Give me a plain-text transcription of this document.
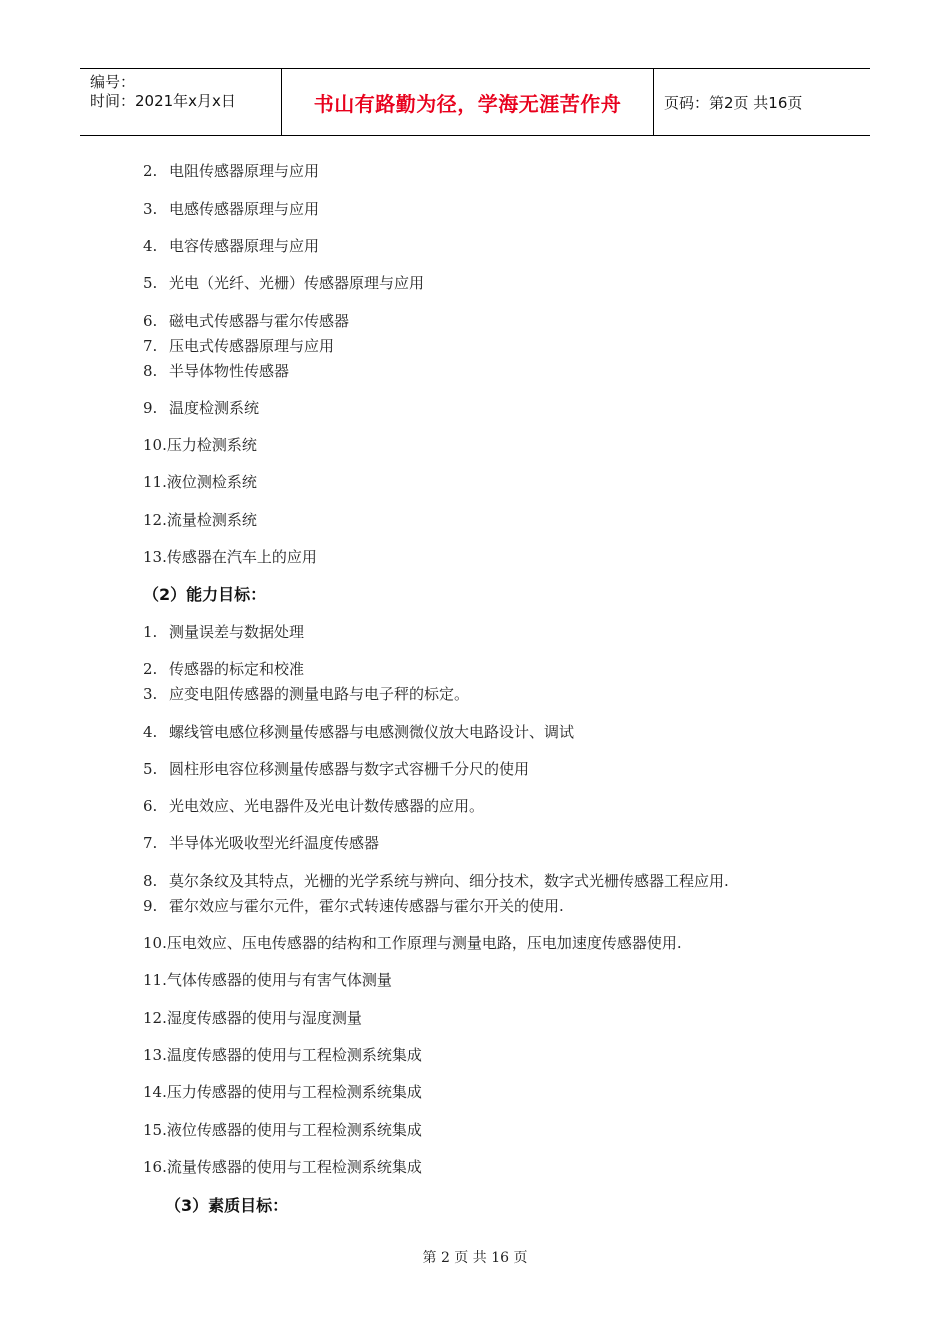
编号：
时间：2021年x月x日	书山有路勤为径，学海无涯苦作舟	页码：第2页 共16页
2. 电阻传感器原理与应用
3. 电感传感器原理与应用
4. 电容传感器原理与应用
5. 光电（光纤、光栅）传感器原理与应用
6. 磁电式传感器与霍尔传感器
7. 压电式传感器原理与应用
8. 半导体物性传感器
9. 温度检测系统
10.压力检测系统
11.液位测检系统
12.流量检测系统
13.传感器在汽车上的应用
（2）能力目标：
1. 测量误差与数据处理
2. 传感器的标定和校准
3. 应变电阻传感器的测量电路与电子秤的标定。
4. 螺线管电感位移测量传感器与电感测微仪放大电路设计、调试
5. 圆柱形电容位移测量传感器与数字式容栅千分尺的使用
6. 光电效应、光电器件及光电计数传感器的应用。
7. 半导体光吸收型光纤温度传感器
8. 莫尔条纹及其特点，光栅的光学系统与辨向、细分技术，数字式光栅传感器工程应用.
9. 霍尔效应与霍尔元件，霍尔式转速传感器与霍尔开关的使用.
10.压电效应、压电传感器的结构和工作原理与测量电路，压电加速度传感器使用.
11.气体传感器的使用与有害气体测量
12.湿度传感器的使用与湿度测量
13.温度传感器的使用与工程检测系统集成
14.压力传感器的使用与工程检测系统集成
15.液位传感器的使用与工程检测系统集成
16.流量传感器的使用与工程检测系统集成
（3）素质目标：
第 2 页 共 16 页
